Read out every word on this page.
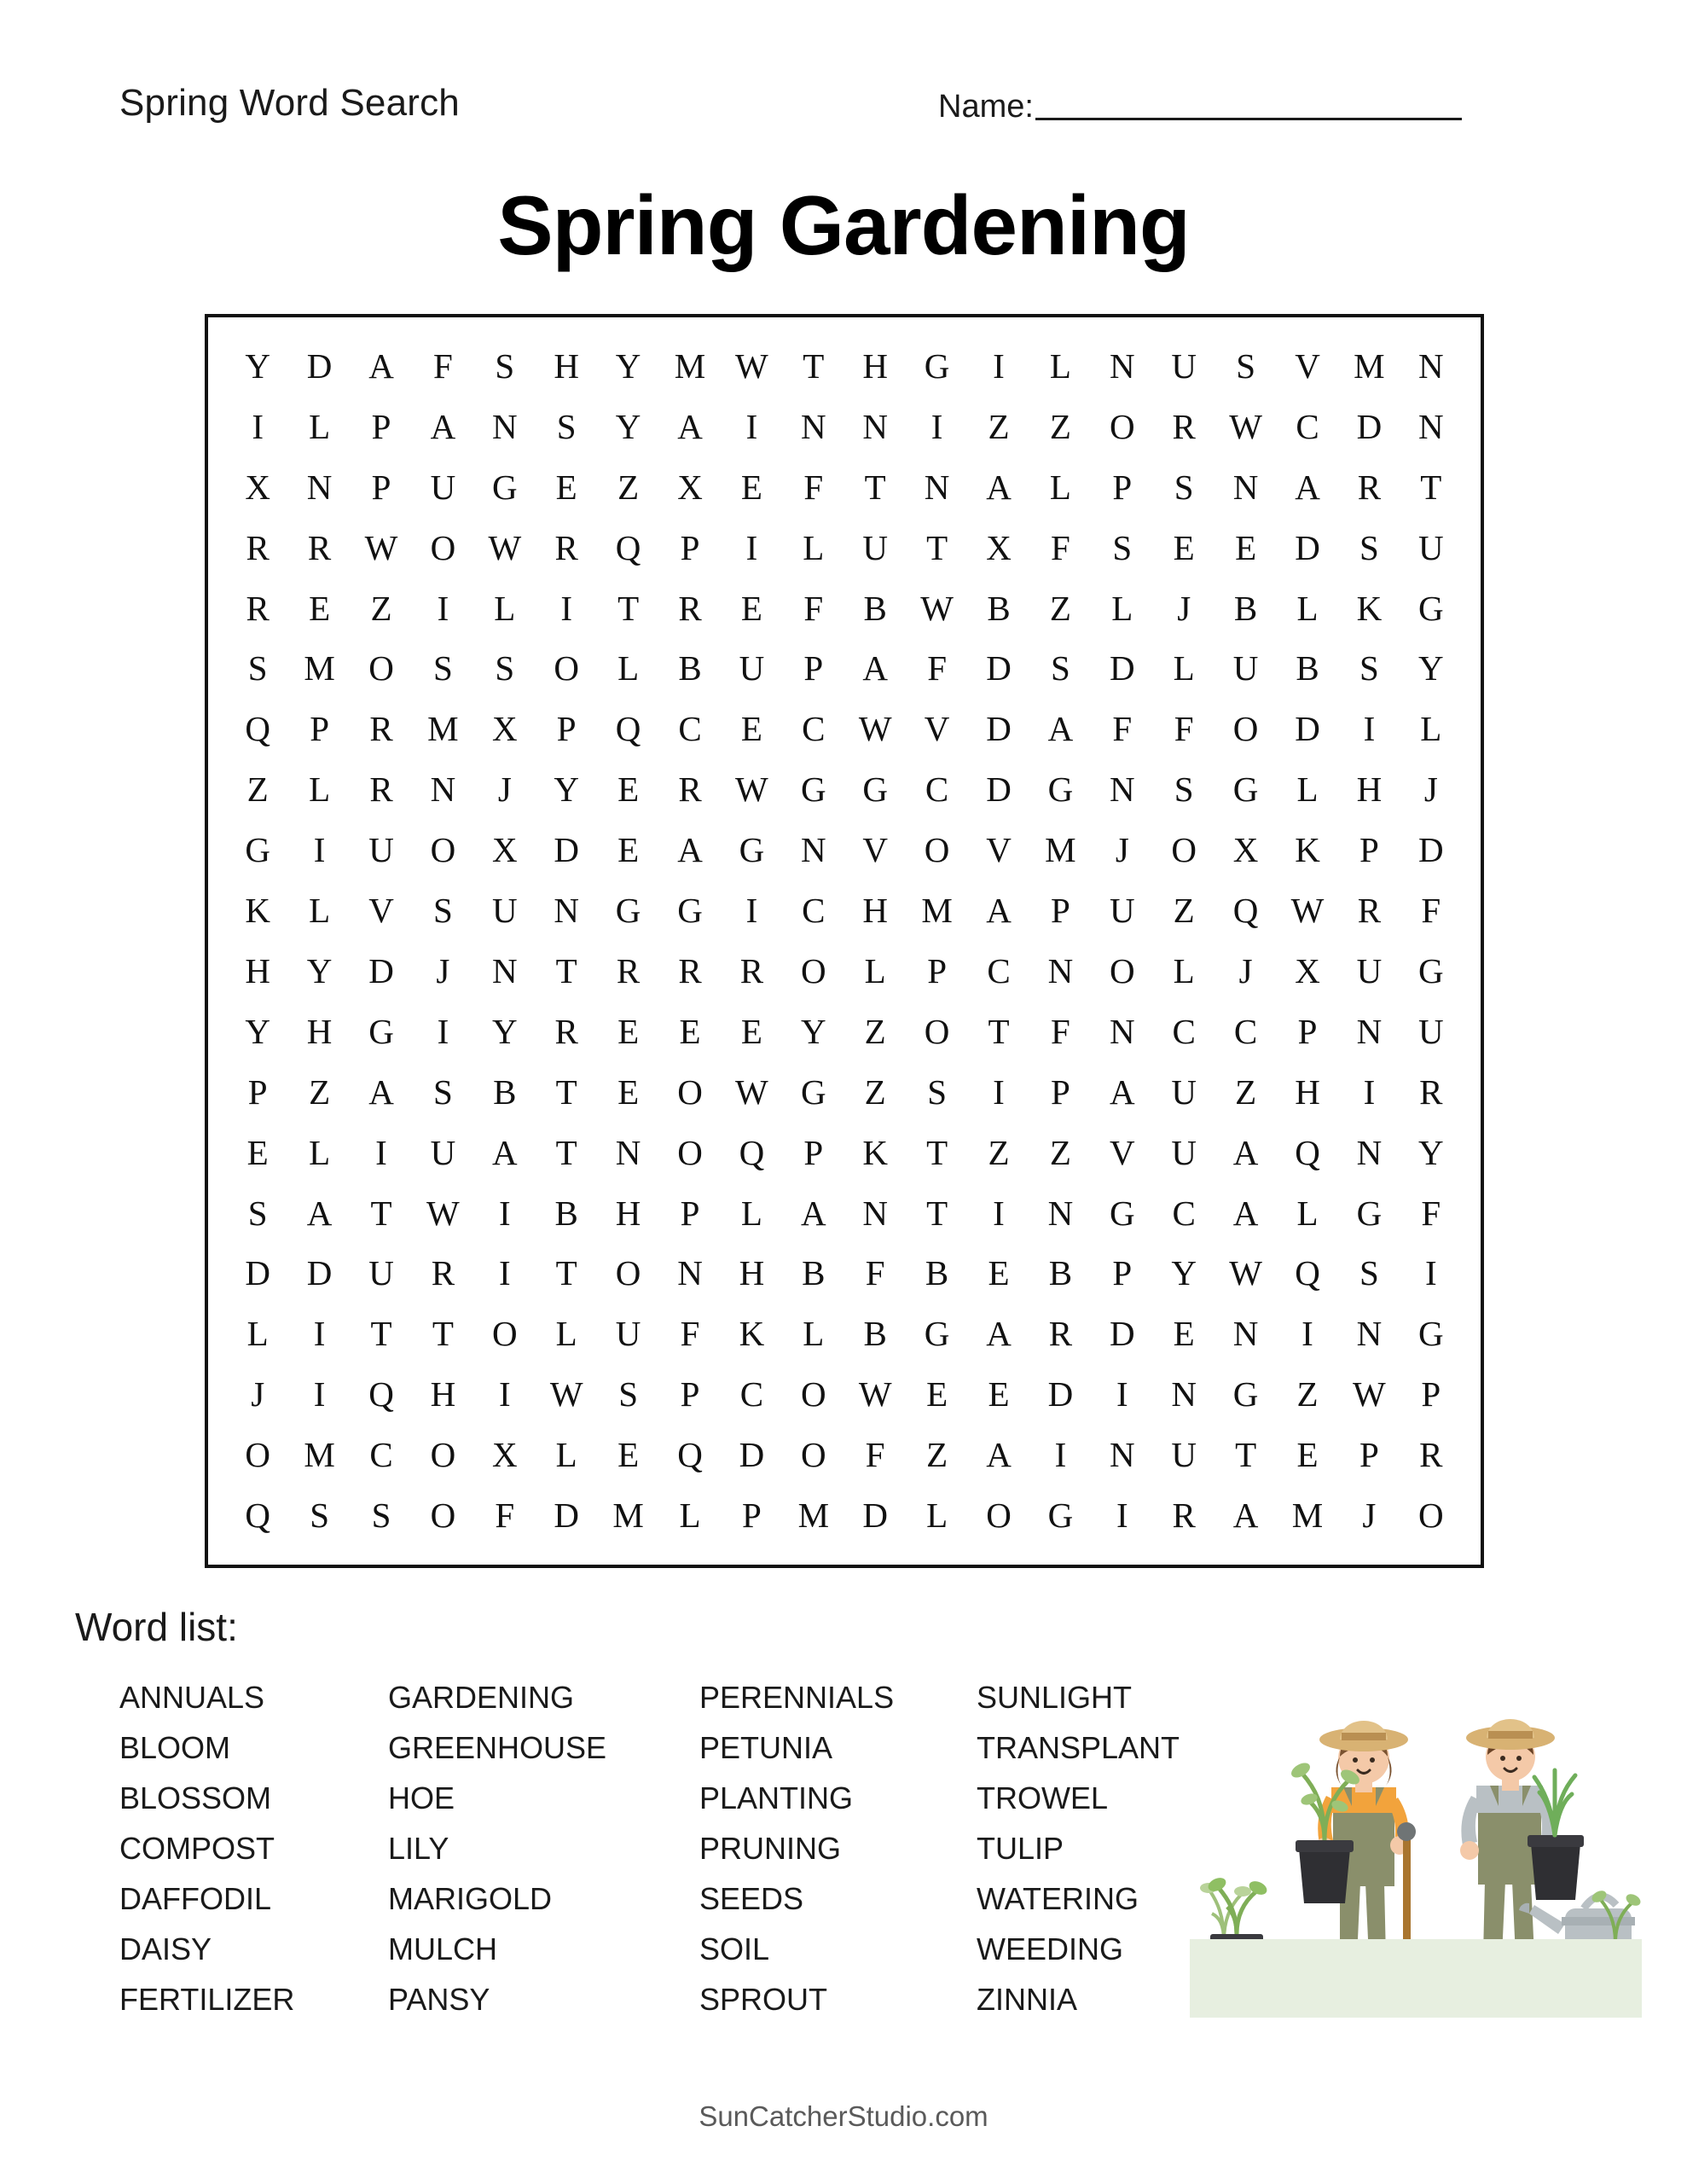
Spring Word Search	Name:
Spring Gardening
Y D A F S H Y M W T H G I L N U S V M N
I L P A N S Y A I N N I Z Z O R W C D N
X N P U G E Z X E F T N A L P S N A R T
R R W O W R Q P I L U T X F S E E D S U
R E Z I L I T R E F B W B Z L J B L K G
S M O S S O L B U P A F D S D L U B S Y
Q P R M X P Q C E C W V D A F F O D I L
Z L R N J Y E R W G G C D G N S G L H J
G I U O X D E A G N V O V M J O X K P D
K L V S U N G G I C H M A P U Z Q W R F
H Y D J N T R R R O L P C N O L J X U G
Y H G I Y R E E E Y Z O T F N C C P N U
P Z A S B T E O W G Z S I P A U Z H I R
E L I U A T N O Q P K T Z Z V U A Q N Y
S A T W I B H P L A N T I N G C A L G F
D D U R I T O N H B F B E B P Y W Q S I
L I T T O L U F K L B G A R D E N I N G
J I Q H I W S P C O W E E D I N G Z W P
O M C O X L E Q D O F Z A I N U T E P R
Q S S O F D M L P M D L O G I R A M J O
Word list:
ANNUALS	GARDENING	PERENNIALS	SUNLIGHT
BLOOM	GREENHOUSE	PETUNIA	TRANSPLANT
BLOSSOM	HOE	PLANTING	TROWEL
COMPOST	LILY	PRUNING	TULIP
DAFFODIL	MARIGOLD	SEEDS	WATERING
DAISY	MULCH	SOIL	WEEDING
FERTILIZER	PANSY	SPROUT	ZINNIA
SunCatcherStudio.com
